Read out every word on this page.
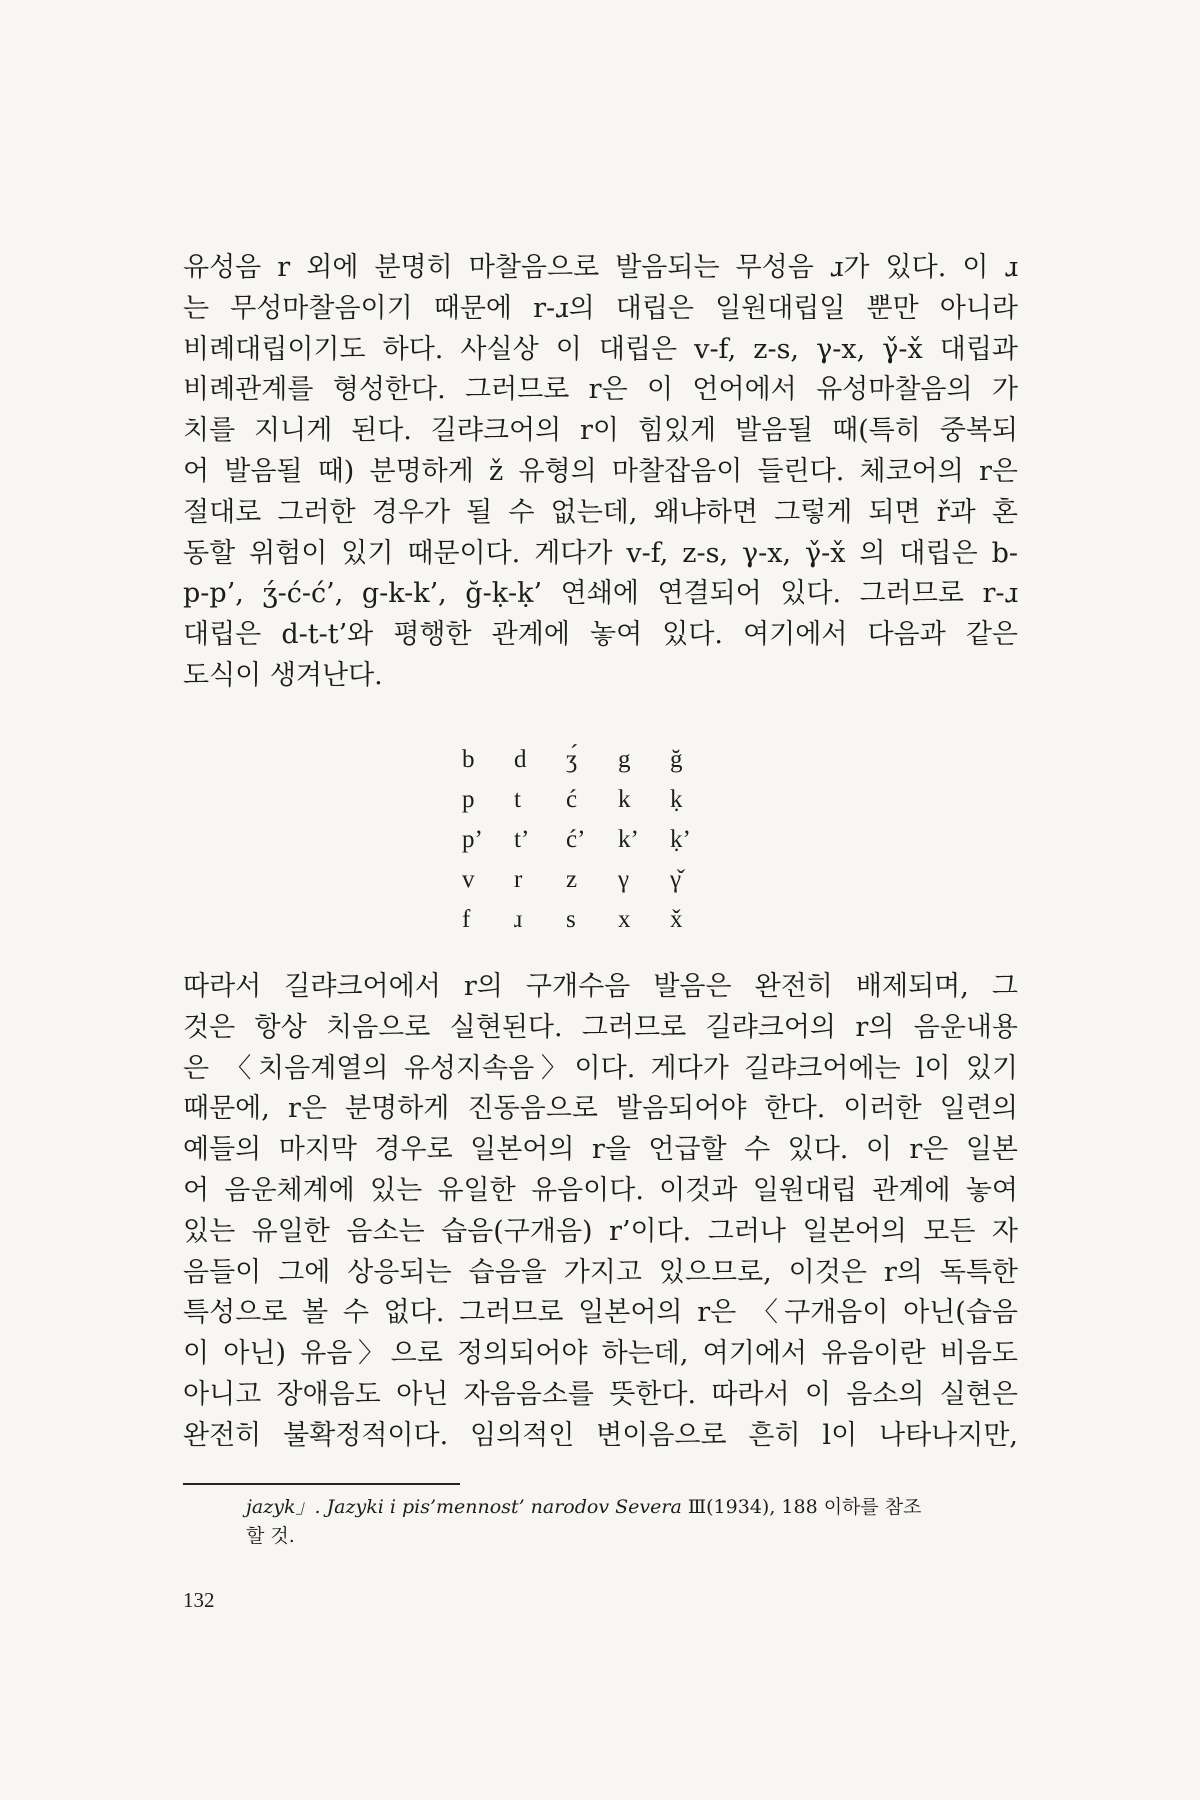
유성음 r 외에 분명히 마찰음으로 발음되는 무성음 ɹ가 있다. 이 ɹ
는 무성마찰음이기 때문에 r-ɹ의 대립은 일원대립일 뿐만 아니라
비례대립이기도 하다. 사실상 이 대립은 v-f, z-s, γ-x, γ̌-x̌ 대립과
비례관계를 형성한다. 그러므로 r은 이 언어에서 유성마찰음의 가
치를 지니게 된다. 길랴크어의 r이 힘있게 발음될 때(특히 중복되
어 발음될 때) 분명하게 ž 유형의 마찰잡음이 들린다. 체코어의 r은
절대로 그러한 경우가 될 수 없는데, 왜냐하면 그렇게 되면 ř과 혼
동할 위험이 있기 때문이다. 게다가 v-f, z-s, γ-x, γ̌-x̌ 의 대립은 b-
p-p’, ʒ́-ć-ć’, g-k-k’, ğ-ḳ-ḳ’ 연쇄에 연결되어 있다. 그러므로 r-ɹ
대립은 d-t-t’와 평행한 관계에 놓여 있다. 여기에서 다음과 같은
도식이 생겨난다.
b	d	ʒ́	g	ğ
p	t	ć	k	ḳ
p’	t’	ć’	k’	ḳ’
v	r	z	γ	γ̌
f	ɹ	s	x	x̌
따라서 길랴크어에서 r의 구개수음 발음은 완전히 배제되며, 그
것은 항상 치음으로 실현된다. 그러므로 길랴크어의 r의 음운내용
은 〈치음계열의 유성지속음〉이다. 게다가 길랴크어에는 l이 있기
때문에, r은 분명하게 진동음으로 발음되어야 한다. 이러한 일련의
예들의 마지막 경우로 일본어의 r을 언급할 수 있다. 이 r은 일본
어 음운체계에 있는 유일한 유음이다. 이것과 일원대립 관계에 놓여
있는 유일한 음소는 습음(구개음) r’이다. 그러나 일본어의 모든 자
음들이 그에 상응되는 습음을 가지고 있으므로, 이것은 r의 독특한
특성으로 볼 수 없다. 그러므로 일본어의 r은 〈구개음이 아닌(습음
이 아닌) 유음〉으로 정의되어야 하는데, 여기에서 유음이란 비음도
아니고 장애음도 아닌 자음음소를 뜻한다. 따라서 이 음소의 실현은
완전히 불확정적이다. 임의적인 변이음으로 흔히 l이 나타나지만,

jazyk」. Jazyki i pis’mennost’ narodov Severa Ⅲ(1934), 188 이하를 참조
할 것.

132
